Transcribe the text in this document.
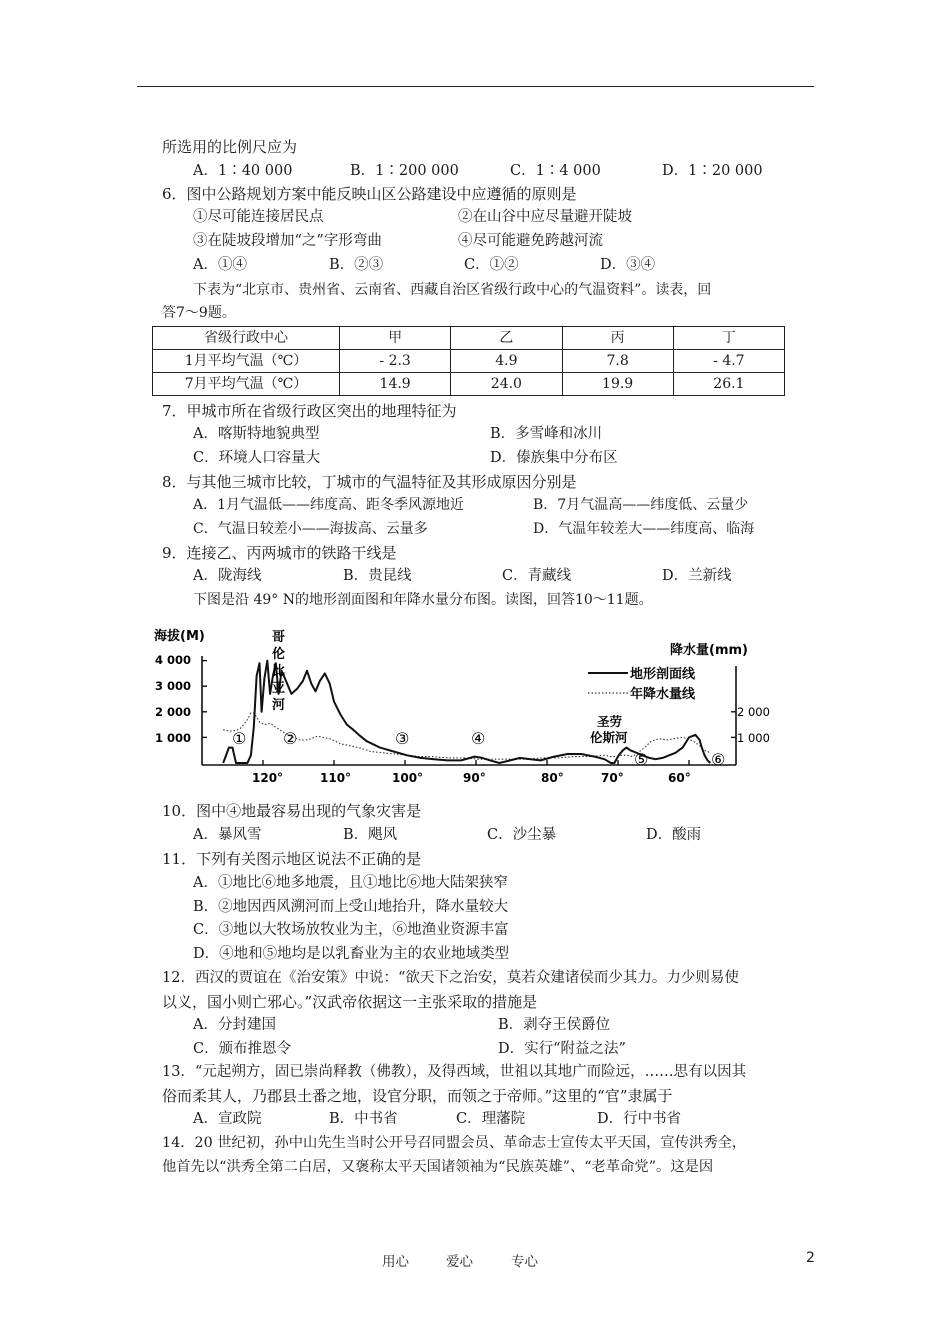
所选用的比例尺应为
A．1∶40 000	B．1∶200 000	C．1∶4 000	D．1∶20 000
6．图中公路规划方案中能反映山区公路建设中应遵循的原则是
①尽可能连接居民点	②在山谷中应尽量避开陡坡
③在陡坡段增加“之”字形弯曲	④尽可能避免跨越河流
A．①④	B．②③	C．①②	D．③④
下表为“北京市、贵州省、云南省、西藏自治区省级行政中心的气温资料”。读表，回
答7～9题。
省级行政中心	甲	乙	丙	丁
1月平均气温（℃）	- 2.3	4.9	7.8	- 4.7
7月平均气温（℃）	14.9	24.0	19.9	26.1
7．甲城市所在省级行政区突出的地理特征为
A．喀斯特地貌典型	B．多雪峰和冰川
C．环境人口容量大	D．傣族集中分布区
8．与其他三城市比较，丁城市的气温特征及其形成原因分别是
A．1月气温低——纬度高、距冬季风源地近	B．7月气温高——纬度低、云量少
C．气温日较差小——海拔高、云量多	D．气温年较差大——纬度高、临海
9．连接乙、丙两城市的铁路干线是
A．陇海线	B．贵昆线	C．青藏线	D．兰新线
下图是沿 49° N的地形剖面图和年降水量分布图。读图，回答10～11题。
海拔(M)
降水量(mm)
4 000
3 000
2 000
1 000
2 000
1 000
120°	110°	100°	90°	80°	70°	60°
地形剖面线
年降水量线
哥
伦
比
亚
河
圣劳
伦斯河
① ②	③	④
⑤	⑥
10．图中④地最容易出现的气象灾害是
A．暴风雪	B．飓风	C．沙尘暴	D．酸雨
11．下列有关图示地区说法不正确的是
A．①地比⑥地多地震，且①地比⑥地大陆架狭窄
B．②地因西风溯河而上受山地抬升，降水量较大
C．③地以大牧场放牧业为主，⑥地渔业资源丰富
D．④地和⑤地均是以乳畜业为主的农业地域类型
12．西汉的贾谊在《治安策》中说：“欲天下之治安，莫若众建诸侯而少其力。力少则易使
以义，国小则亡邪心。”汉武帝依据这一主张采取的措施是
A．分封建国	B．剥夺王侯爵位
C．颁布推恩令	D．实行“附益之法”
13．“元起朔方，固已崇尚释教（佛教），及得西域，世祖以其地广而险远，……思有以因其
俗而柔其人，乃郡县土番之地，设官分职，而领之于帝师。”这里的“官”隶属于
A．宣政院	B．中书省	C．理藩院	D．行中书省
14．20 世纪初，孙中山先生当时公开号召同盟会员、革命志士宣传太平天国，宣传洪秀全，
他首先以“洪秀全第二白居，又褒称太平天国诸领袖为“民族英雄”、“老革命党”。这是因
用心	爱心	专心	2
